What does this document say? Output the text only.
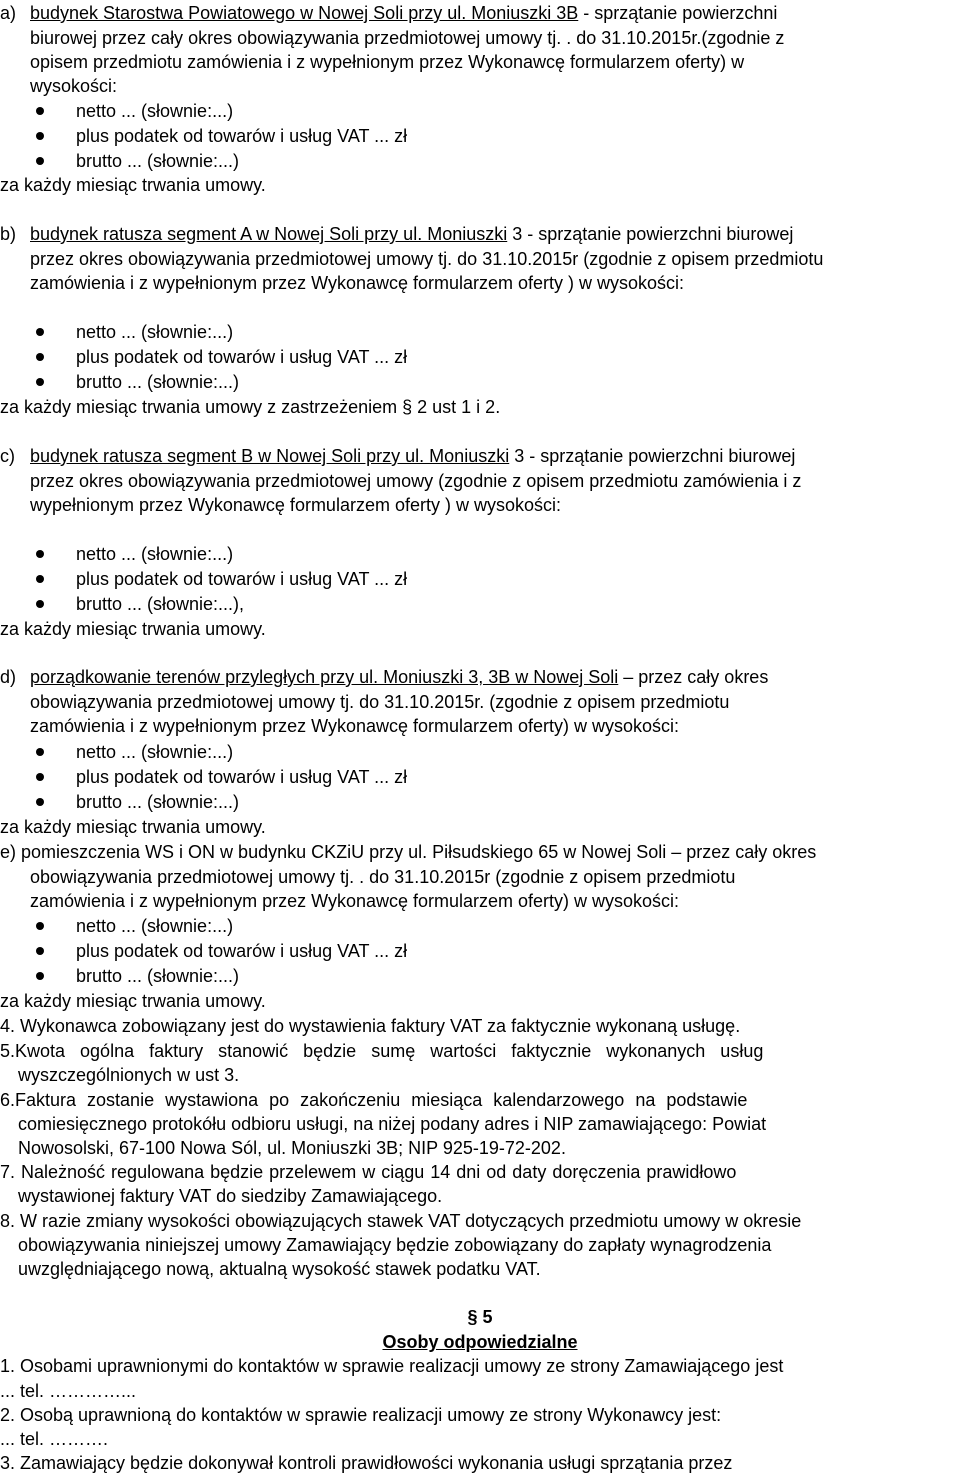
a) budynek Starostwa Powiatowego w Nowej Soli przy ul. Moniuszki 3B - sprzątanie powierzchni
biurowej przez cały okres obowiązywania przedmiotowej umowy tj. . do 31.10.2015r.(zgodnie z
opisem przedmiotu zamówienia i z wypełnionym przez Wykonawcę formularzem oferty) w
wysokości:
netto ... (słownie:...)
plus podatek od towarów i usług VAT ... zł
brutto ... (słownie:...)
za każdy miesiąc trwania umowy.
b) budynek ratusza segment A w Nowej Soli przy ul. Moniuszki 3 - sprzątanie powierzchni biurowej
przez okres obowiązywania przedmiotowej umowy tj. do 31.10.2015r (zgodnie z opisem przedmiotu
zamówienia i z wypełnionym przez Wykonawcę formularzem oferty ) w wysokości:
netto ... (słownie:...)
plus podatek od towarów i usług VAT ... zł
brutto ... (słownie:...)
za każdy miesiąc trwania umowy z zastrzeżeniem § 2 ust 1 i 2.
c) budynek ratusza segment B w Nowej Soli przy ul. Moniuszki 3 - sprzątanie powierzchni biurowej
przez okres obowiązywania przedmiotowej umowy (zgodnie z opisem przedmiotu zamówienia i z
wypełnionym przez Wykonawcę formularzem oferty ) w wysokości:
netto ... (słownie:...)
plus podatek od towarów i usług VAT ... zł
brutto ... (słownie:...),
za każdy miesiąc trwania umowy.
d) porządkowanie terenów przyległych przy ul. Moniuszki 3, 3B w Nowej Soli – przez cały okres
obowiązywania przedmiotowej umowy tj. do 31.10.2015r. (zgodnie z opisem przedmiotu
zamówienia i z wypełnionym przez Wykonawcę formularzem oferty) w wysokości:
netto ... (słownie:...)
plus podatek od towarów i usług VAT ... zł
brutto ... (słownie:...)
za każdy miesiąc trwania umowy.
e) pomieszczenia WS i ON w budynku CKZiU przy ul. Piłsudskiego 65 w Nowej Soli – przez cały okres
obowiązywania przedmiotowej umowy tj. . do 31.10.2015r (zgodnie z opisem przedmiotu
zamówienia i z wypełnionym przez Wykonawcę formularzem oferty) w wysokości:
netto ... (słownie:...)
plus podatek od towarów i usług VAT ... zł
brutto ... (słownie:...)
za każdy miesiąc trwania umowy.
4. Wykonawca zobowiązany jest do wystawienia faktury VAT za faktycznie wykonaną usługę.
5.Kwota ogólna faktury stanowić będzie sumę wartości faktycznie wykonanych usług
wyszczególnionych w ust 3.
6.Faktura zostanie wystawiona po zakończeniu miesiąca kalendarzowego na podstawie
comiesięcznego protokółu odbioru usługi, na niżej podany adres i NIP zamawiającego: Powiat
Nowosolski, 67-100 Nowa Sól, ul. Moniuszki 3B; NIP 925-19-72-202.
7. Należność regulowana będzie przelewem w ciągu 14 dni od daty doręczenia prawidłowo
wystawionej faktury VAT do siedziby Zamawiającego.
8. W razie zmiany wysokości obowiązujących stawek VAT dotyczących przedmiotu umowy w okresie
obowiązywania niniejszej umowy Zamawiający będzie zobowiązany do zapłaty wynagrodzenia
uwzględniającego nową, aktualną wysokość stawek podatku VAT.
§ 5
Osoby odpowiedzialne
1. Osobami uprawnionymi do kontaktów w sprawie realizacji umowy ze strony Zamawiającego jest
... tel. …………...
2. Osobą uprawnioną do kontaktów w sprawie realizacji umowy ze strony Wykonawcy jest:
... tel. ……….
3. Zamawiający będzie dokonywał kontroli prawidłowości wykonania usługi sprzątania przez
